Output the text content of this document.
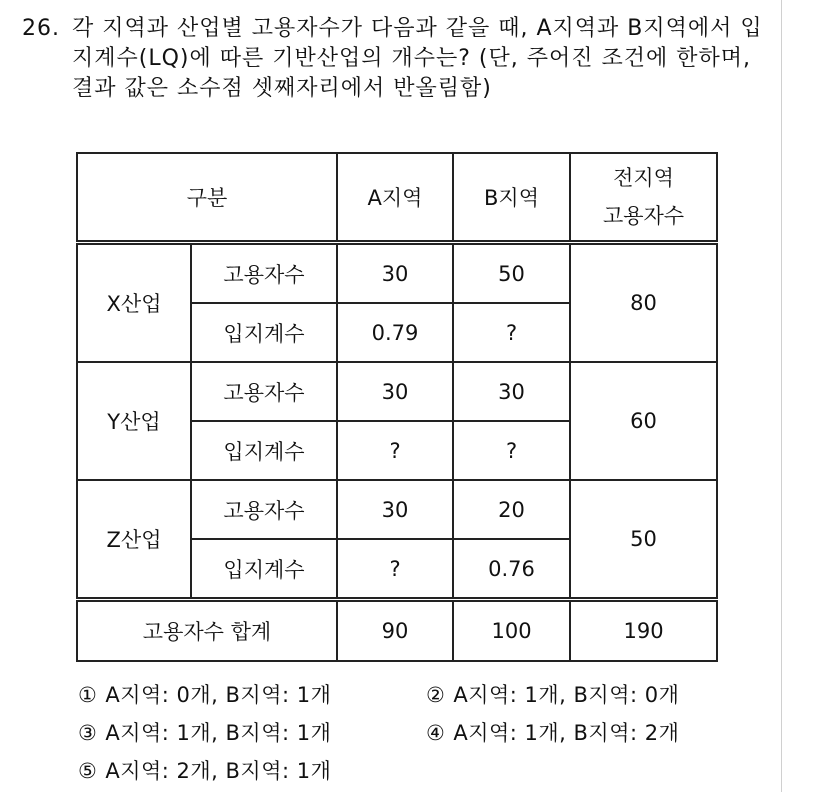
26. 각 지역과 산업별 고용자수가 다음과 같을 때, A지역과 B지역에서 입지계수(LQ)에 따른 기반산업의 개수는? (단, 주어진 조건에 한하며, 결과 값은 소수점 셋째자리에서 반올림함)
구분		A지역	B지역	전지역
고용자수

X산업	고용자수	30	50	80
	입지계수	0.79	?	
Y산업	고용자수	30	30	60
	입지계수	?	?	
Z산업	고용자수	30	20	50
	입지계수	?	0.76	
고용자수 합계		90	100	190
① A지역: 0개, B지역: 1개	② A지역: 1개, B지역: 0개
③ A지역: 1개, B지역: 1개	④ A지역: 1개, B지역: 2개
⑤ A지역: 2개, B지역: 1개
